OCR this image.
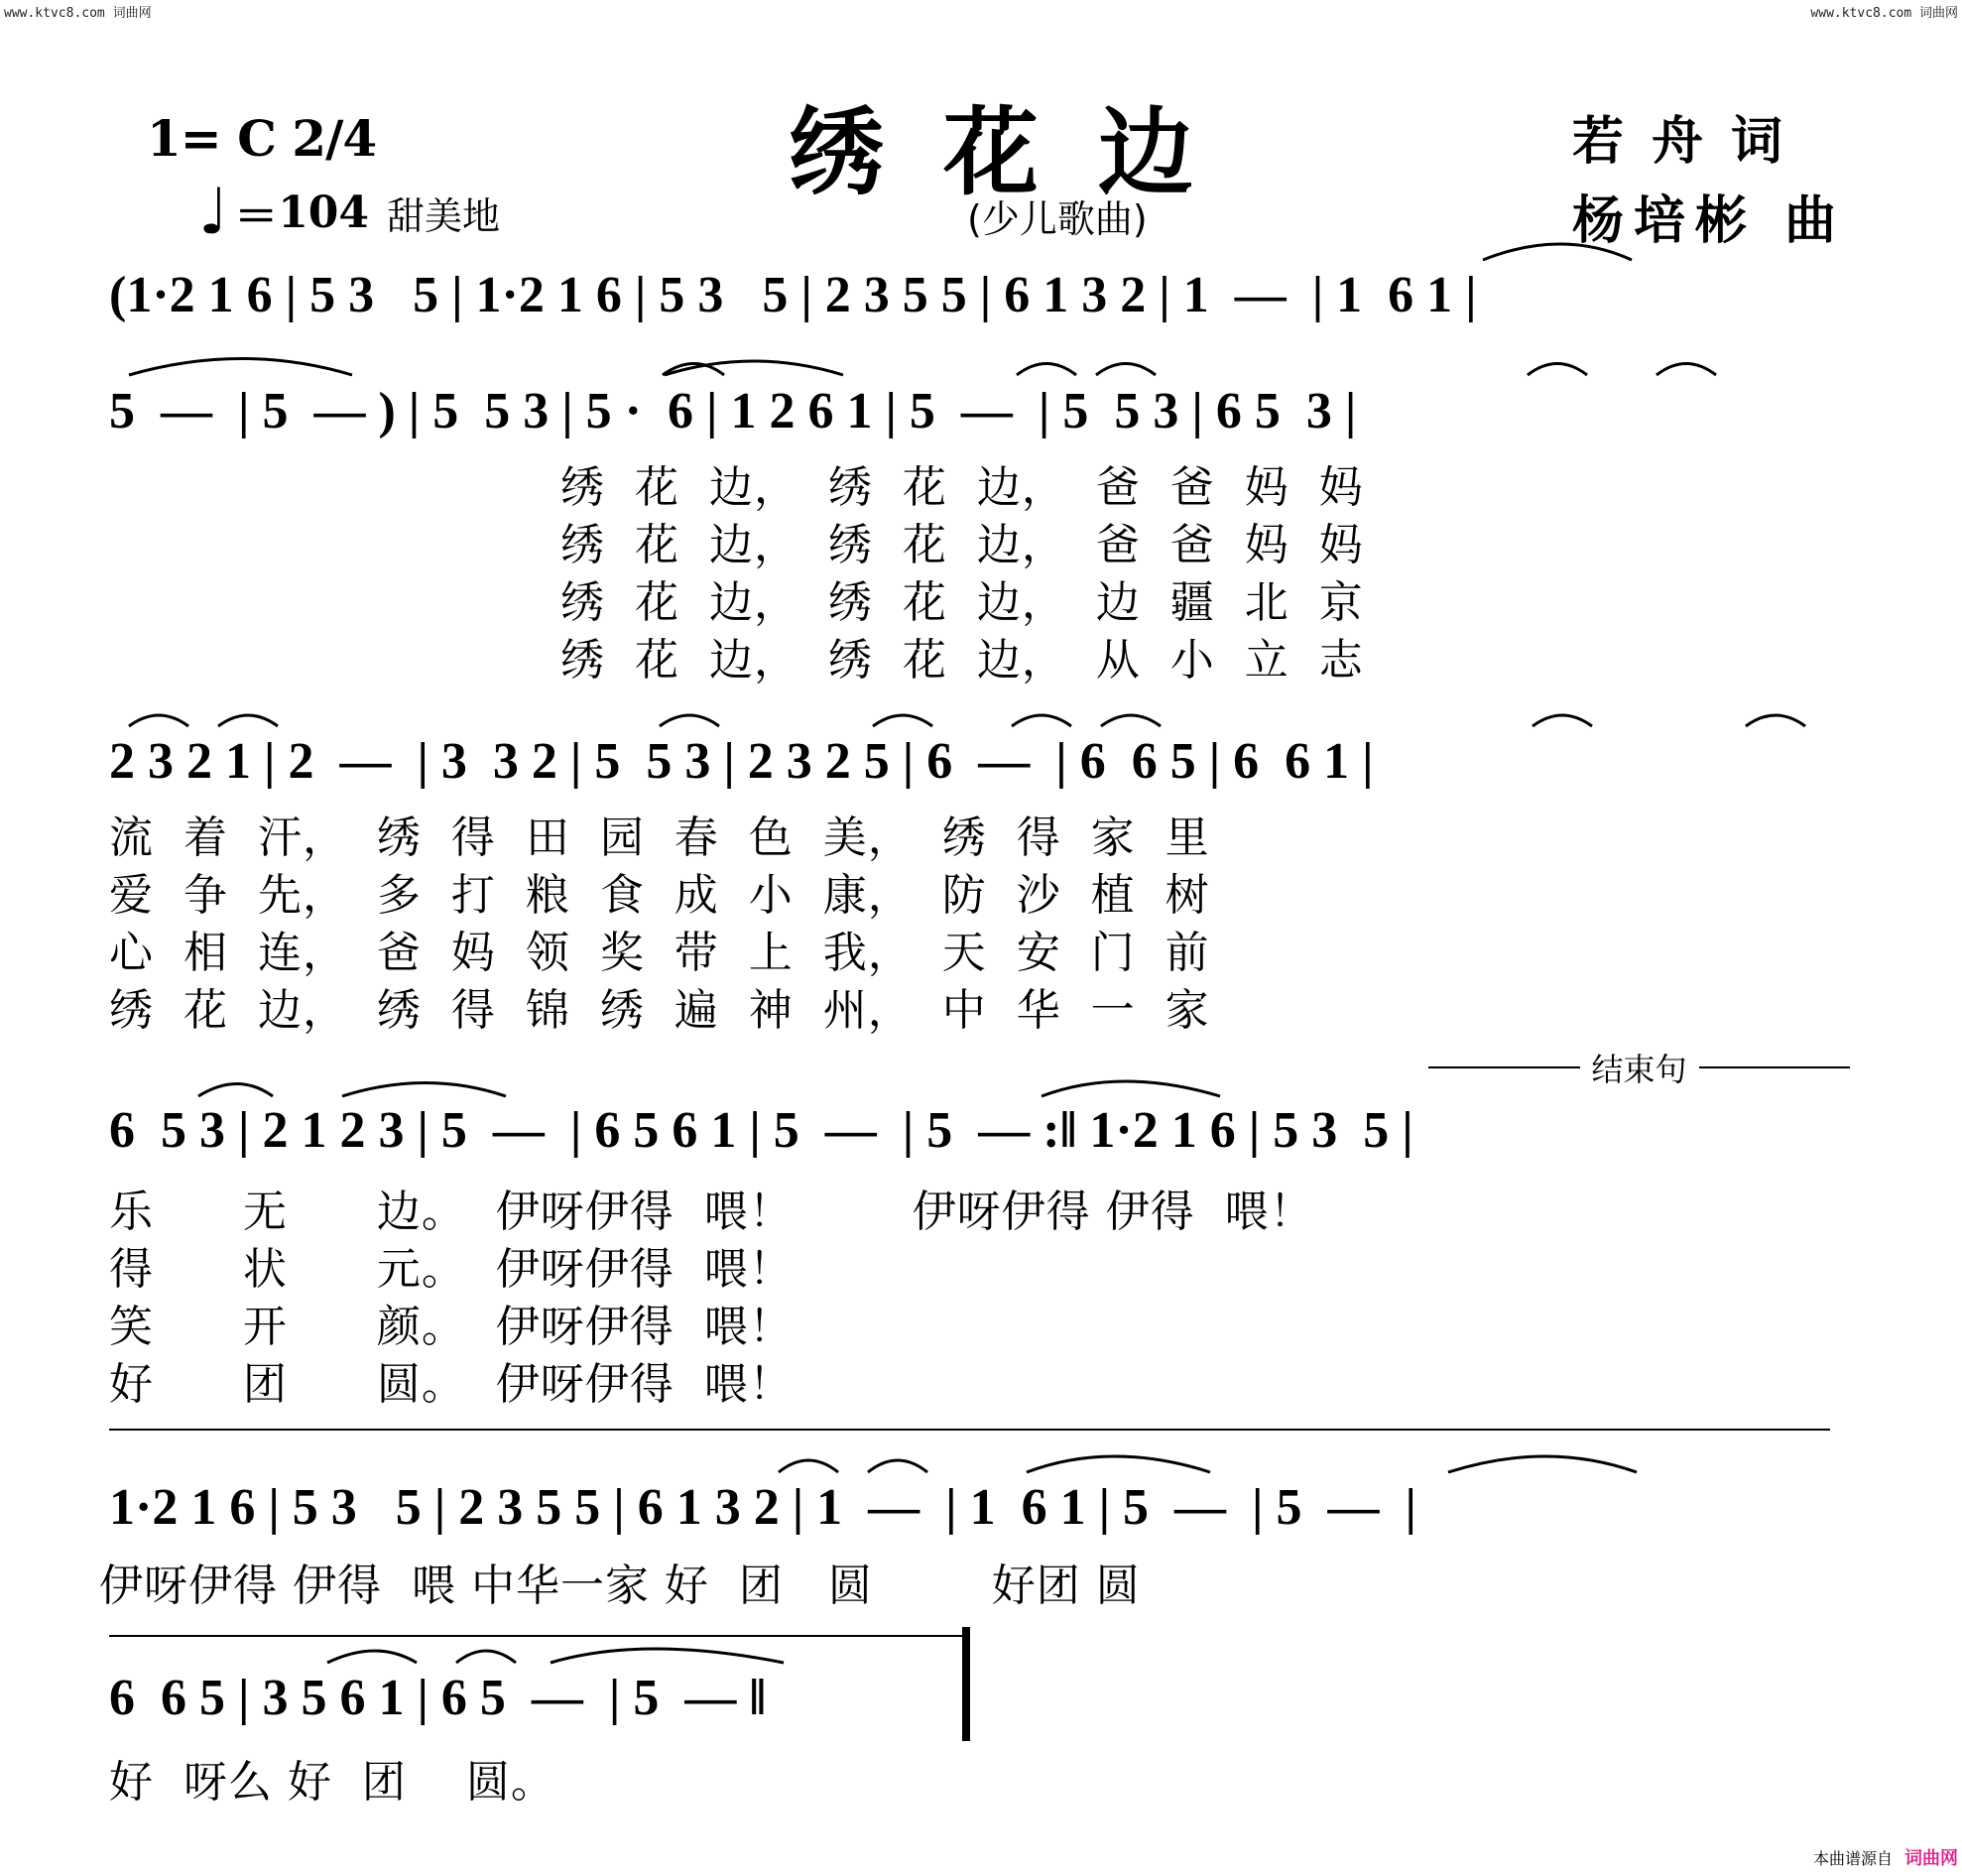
www.ktvc8.com 词曲网	www.ktvc8.com 词曲网
1= C 2/4
♩ ＝ 104 甜美地
绣花边
(少儿歌曲)
若舟词
杨培彬 曲
(1·2 1 6 | 5 3   5 | 1·2 1 6 | 5 3   5 | 2 3 5 5 | 6 1 3 2 | 1  —  | 1  6 1 |
5  —  | 5  — ) | 5  5 3 | 5 ·  6 | 1 2 6 1 | 5  —  | 5  5 3 | 6 5  3 |
绣  花  边，  绣  花  边，  爸  爸  妈  妈
绣  花  边，  绣  花  边，  爸  爸  妈  妈
绣  花  边，  绣  花  边，  边  疆  北  京
绣  花  边，  绣  花  边，  从  小  立  志
2 3 2 1 | 2  —  | 3  3 2 | 5  5 3 | 2 3 2 5 | 6  —  | 6  6 5 | 6  6 1 |
流  着  汗，  绣  得  田  园  春  色  美，  绣  得  家  里
爱  争  先，  多  打  粮  食  成  小  康，  防  沙  植  树
心  相  连，  爸  妈  领  奖  带  上  我，  天  安  门  前
绣  花  边，  绣  得  锦  绣  遍  神  州，  中  华  一  家
结束句
6  5 3 | 2 1 2 3 | 5  —  | 6 5 6 1 | 5  —  | 5  — :‖ 1·2 1 6 | 5 3  5 |
乐      无      边。  伊呀伊得  喂！        伊呀伊得 伊得  喂！
得      状      元。  伊呀伊得  喂！
笑      开      颜。  伊呀伊得  喂！
好      团      圆。  伊呀伊得  喂！
1·2 1 6 | 5 3   5 | 2 3 5 5 | 6 1 3 2 | 1  —  | 1  6 1 | 5  —  | 5  —  |
伊呀伊得 伊得  喂 中华一家 好  团   圆        好团 圆
6  6 5 | 3 5 6 1 | 6 5  —  | 5  — ‖
好  呀么 好  团    圆。
本曲谱源自 词曲网
